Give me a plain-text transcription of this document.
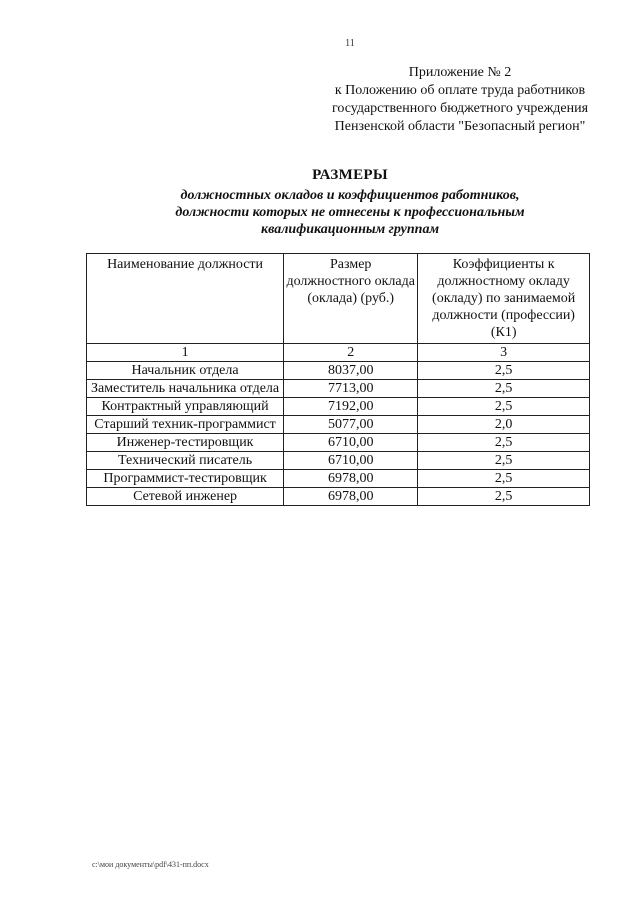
11
Приложение № 2
к Положению об оплате труда работников
государственного бюджетного учреждения
Пензенской области "Безопасный регион"
РАЗМЕРЫ
должностных окладов и коэффициентов работников,
должности которых не отнесены к профессиональным
квалификационным группам
Наименование должности	Размер должностного оклада (оклада) (руб.)	Коэффициенты к должностному окладу (окладу) по занимаемой должности (профессии) (К1)
1	2	3
Начальник отдела	8037,00	2,5
Заместитель начальника отдела	7713,00	2,5
Контрактный управляющий	7192,00	2,5
Старший техник-программист	5077,00	2,0
Инженер-тестировщик	6710,00	2,5
Технический писатель	6710,00	2,5
Программист-тестировщик	6978,00	2,5
Сетевой инженер	6978,00	2,5
c:\мои документы\pdf\431-пп.docx
